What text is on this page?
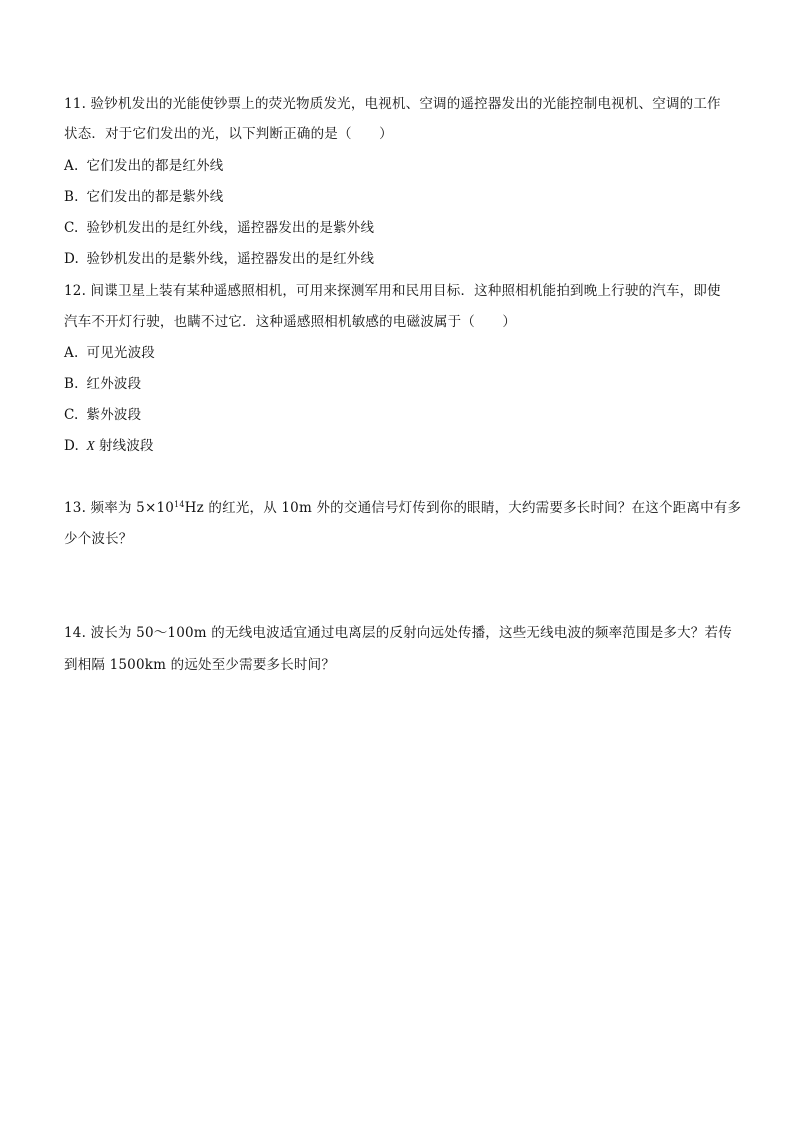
11. 验钞机发出的光能使钞票上的荧光物质发光，电视机、空调的遥控器发出的光能控制电视机、空调的工作
状态．对于它们发出的光，以下判断正确的是（　　）
A. 它们发出的都是红外线
B. 它们发出的都是紫外线
C. 验钞机发出的是红外线，遥控器发出的是紫外线
D. 验钞机发出的是紫外线，遥控器发出的是红外线
12. 间谍卫星上装有某种遥感照相机，可用来探测军用和民用目标．这种照相机能拍到晚上行驶的汽车，即使
汽车不开灯行驶，也瞒不过它．这种遥感照相机敏感的电磁波属于（　　）
A. 可见光波段
B. 红外波段
C. 紫外波段
D. X 射线波段
13. 频率为 $5\times 10^{14}Hz$ 的红光，从 10m 外的交通信号灯传到你的眼睛，大约需要多长时间？在这个距离中有多
少个波长？
14. 波长为 50～100m 的无线电波适宜通过电离层的反射向远处传播，这些无线电波的频率范围是多大？若传
到相隔 1500km 的远处至少需要多长时间？
